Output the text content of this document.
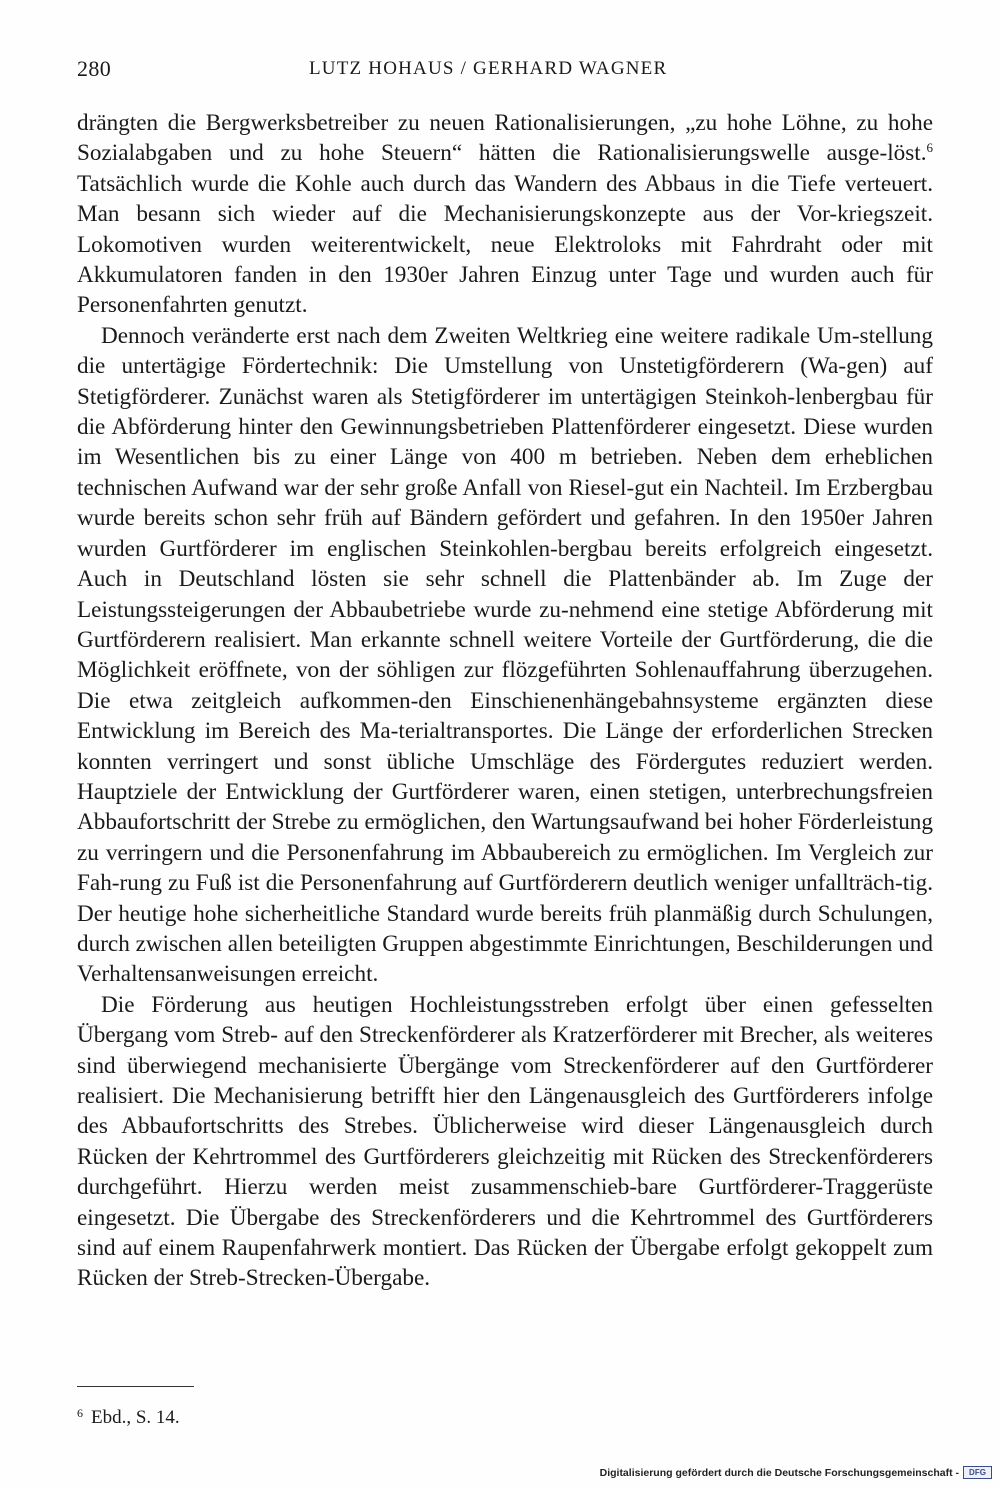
280	LUTZ HOHAUS / GERHARD WAGNER

drängten die Bergwerksbetreiber zu neuen Rationalisierungen, „zu hohe Löhne, zu hohe Sozialabgaben und zu hohe Steuern“ hätten die Rationalisierungswelle ausge-löst.$^6$ Tatsächlich wurde die Kohle auch durch das Wandern des Abbaus in die Tiefe verteuert. Man besann sich wieder auf die Mechanisierungskonzepte aus der Vor-kriegszeit. Lokomotiven wurden weiterentwickelt, neue Elektroloks mit Fahrdraht oder mit Akkumulatoren fanden in den 1930er Jahren Einzug unter Tage und wurden auch für Personenfahrten genutzt.

Dennoch veränderte erst nach dem Zweiten Weltkrieg eine weitere radikale Um-stellung die untertägige Fördertechnik: Die Umstellung von Unstetigförderern (Wa-gen) auf Stetigförderer. Zunächst waren als Stetigförderer im untertägigen Steinkoh-lenbergbau für die Abförderung hinter den Gewinnungsbetrieben Plattenförderer eingesetzt. Diese wurden im Wesentlichen bis zu einer Länge von 400 m betrieben. Neben dem erheblichen technischen Aufwand war der sehr große Anfall von Riesel-gut ein Nachteil. Im Erzbergbau wurde bereits schon sehr früh auf Bändern gefördert und gefahren. In den 1950er Jahren wurden Gurtförderer im englischen Steinkohlen-bergbau bereits erfolgreich eingesetzt. Auch in Deutschland lösten sie sehr schnell die Plattenbänder ab. Im Zuge der Leistungssteigerungen der Abbaubetriebe wurde zu-nehmend eine stetige Abförderung mit Gurtförderern realisiert. Man erkannte schnell weitere Vorteile der Gurtförderung, die die Möglichkeit eröffnete, von der söhligen zur flözgeführten Sohlenauffahrung überzugehen. Die etwa zeitgleich aufkommen-den Einschienenhängebahnsysteme ergänzten diese Entwicklung im Bereich des Ma-terialtransportes. Die Länge der erforderlichen Strecken konnten verringert und sonst übliche Umschläge des Fördergutes reduziert werden. Hauptziele der Entwicklung der Gurtförderer waren, einen stetigen, unterbrechungsfreien Abbaufortschritt der Strebe zu ermöglichen, den Wartungsaufwand bei hoher Förderleistung zu verringern und die Personenfahrung im Abbaubereich zu ermöglichen. Im Vergleich zur Fah-rung zu Fuß ist die Personenfahrung auf Gurtförderern deutlich weniger unfallträch-tig. Der heutige hohe sicherheitliche Standard wurde bereits früh planmäßig durch Schulungen, durch zwischen allen beteiligten Gruppen abgestimmte Einrichtungen, Beschilderungen und Verhaltensanweisungen erreicht.

Die Förderung aus heutigen Hochleistungsstreben erfolgt über einen gefesselten Übergang vom Streb- auf den Streckenförderer als Kratzerförderer mit Brecher, als weiteres sind überwiegend mechanisierte Übergänge vom Streckenförderer auf den Gurtförderer realisiert. Die Mechanisierung betrifft hier den Längenausgleich des Gurtförderers infolge des Abbaufortschritts des Strebes. Üblicherweise wird dieser Längenausgleich durch Rücken der Kehrtrommel des Gurtförderers gleichzeitig mit Rücken des Streckenförderers durchgeführt. Hierzu werden meist zusammenschieb-bare Gurtförderer-Traggerüste eingesetzt. Die Übergabe des Streckenförderers und die Kehrtrommel des Gurtförderers sind auf einem Raupenfahrwerk montiert. Das Rücken der Übergabe erfolgt gekoppelt zum Rücken der Streb-Strecken-Übergabe.

$^6$ Ebd., S. 14.
Digitalisierung gefördert durch die Deutsche Forschungsgemeinschaft -	DFG
